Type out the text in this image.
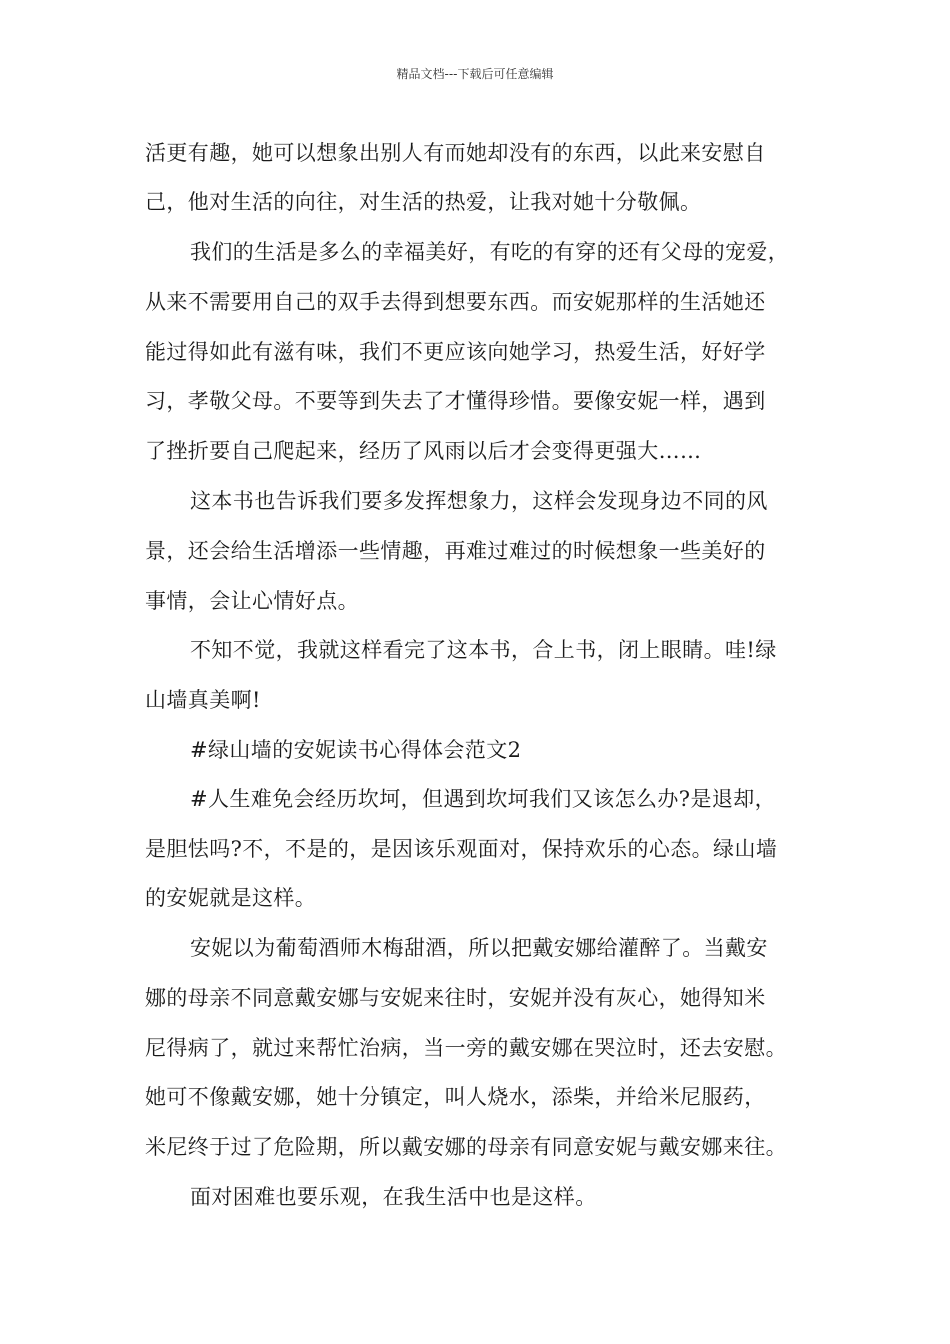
精品文档---下载后可任意编辑
活更有趣，她可以想象出别人有而她却没有的东西，以此来安慰自
己，他对生活的向往，对生活的热爱，让我对她十分敬佩。
我们的生活是多么的幸福美好，有吃的有穿的还有父母的宠爱，
从来不需要用自己的双手去得到想要东西。而安妮那样的生活她还
能过得如此有滋有味，我们不更应该向她学习，热爱生活，好好学
习，孝敬父母。不要等到失去了才懂得珍惜。要像安妮一样，遇到
了挫折要自己爬起来，经历了风雨以后才会变得更强大……
这本书也告诉我们要多发挥想象力，这样会发现身边不同的风
景，还会给生活增添一些情趣，再难过难过的时候想象一些美好的
事情，会让心情好点。
不知不觉，我就这样看完了这本书，合上书，闭上眼睛。哇!绿
山墙真美啊!
#绿山墙的安妮读书心得体会范文2
#人生难免会经历坎坷，但遇到坎坷我们又该怎么办?是退却，
是胆怯吗?不，不是的，是因该乐观面对，保持欢乐的心态。绿山墙
的安妮就是这样。
安妮以为葡萄酒师木梅甜酒，所以把戴安娜给灌醉了。当戴安
娜的母亲不同意戴安娜与安妮来往时，安妮并没有灰心，她得知米
尼得病了，就过来帮忙治病，当一旁的戴安娜在哭泣时，还去安慰。
她可不像戴安娜，她十分镇定，叫人烧水，添柴，并给米尼服药，
米尼终于过了危险期，所以戴安娜的母亲有同意安妮与戴安娜来往。
面对困难也要乐观，在我生活中也是这样。
